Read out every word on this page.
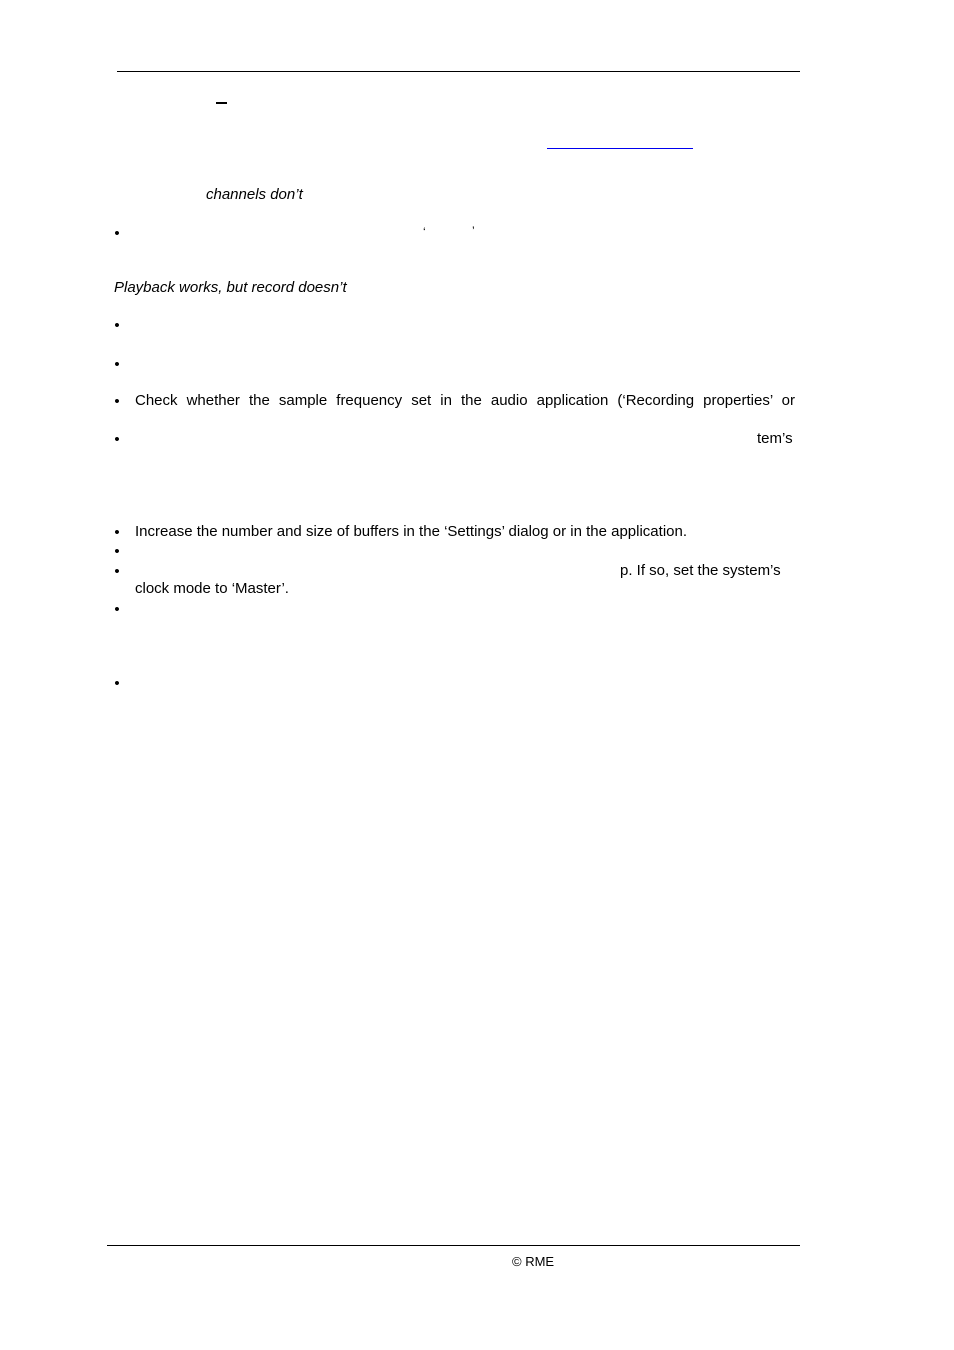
channels don’t
•	‘	’
Playback works, but record doesn’t
•
•
• Check whether the sample frequency set in the audio application (‘Recording properties’ or
•	tem’s
• Increase the number and size of buffers in the ‘Settings’ dialog or in the application.
•
•	p. If so, set the system’s
clock mode to ‘Master’.
•
•
© RME
